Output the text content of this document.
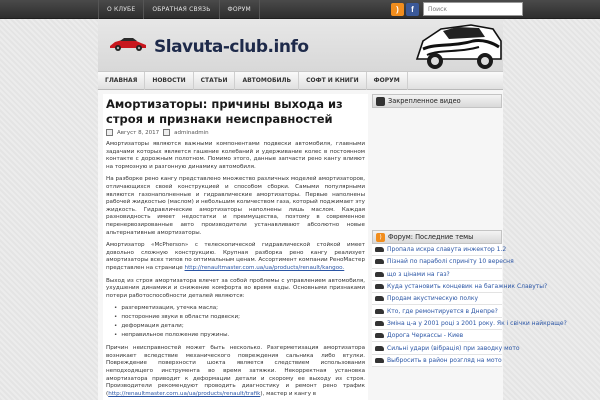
О КЛУБЕ	ОБРАТНАЯ СВЯЗЬ	ФОРУМ	)	f
Поиск
Slavuta-club.info
ГЛАВНАЯ	НОВОСТИ	СТАТЬИ	АВТОМОБИЛЬ	СОФТ И КНИГИ	ФОРУМ
Амортизаторы: причины выхода из строя и признаки неисправностей
Август 8, 2017	adminadmin

Амортизаторы являются важными компонентами подвески автомобиля, главными задачами которых является гашение колебаний и удерживание колес в постоянном контакте с дорожным полотном. Помимо этого, данные запчасти рено кангу влияют на тормозную и разгонную динамику автомобиля.

На разборке рено кангу представлено множество различных моделей амортизаторов, отличающихся своей конструкцией и способом сборки. Самыми популярными являются газонаполненные и гидравлические амортизаторы. Первые наполнены рабочей жидкостью (маслом) и небольшим количеством газа, который поджимает эту жидкость. Гидравлические амортизаторы наполнены лишь маслом. Каждая разновидность имеет недостатки и преимущества, поэтому в современное перенервозированные авто производители устанавливают абсолютно новые альтернативные амортизаторы.

Амортизатор «McPherson» с телескопической гидравлической стойкой имеет довольно сложную конструкцию. Крупная разборка рено кангу реализует амортизаторы всех типов по оптимальным ценам. Ассортимент компании РеноМастер представлен на странице http://renaultmaster.com.ua/ua/products/renault/kangoo.

Выход из строя амортизатора влечет за собой проблемы с управлением автомобиля, ухудшения динамики и снижение комфорта во время езды. Основными признаками потери работоспособности деталей являются:

• разгерметизация, утечка масла;
• посторонние звуки в области подвески;
• деформация детали;
• неправильное положение пружины.

Причин неисправностей может быть несколько. Разгерметизация амортизатора возникает вследствие механического повреждения сальника либо втулки. Повреждение поверхности шокта является следствием использования неподходящего инструмента во время затяжки. Некорректная установка амортизатора приводит к деформации детали и скорому ее выходу из строя. Производители рекомендуют проводить диагностику и ремонт рено трафик (http://renaultmaster.com.ua/ua/products/renault/trafik), мастер и кангу в

Закрепленное видео
) Форум: Последние темы
Пропала искра славута инжектор 1.2
Пізнай по параболі сприніту 10 вересня
що з цінами на газ?
Куда установить концевик на багажник Славуты?
Продам акустическую полку
Кто, где ремонтируется в Днепре?
Зміна ц-а у 2001 році з 2001 року. Як і свічки найкраще?
Дорога Черкассы - Киев
Сильні удари (вібрація) при заводку мото
Выбросить в район розгляд на мото
